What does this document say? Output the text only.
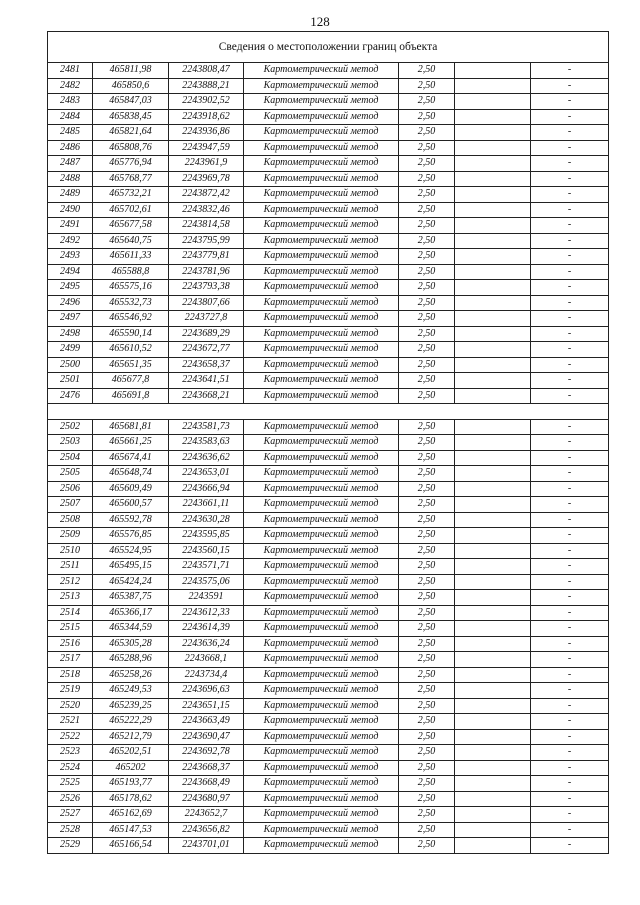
128
Сведения о местоположении границ объекта						
2481	465811,98	2243808,47	Картометрический метод	2,50		-
2482	465850,6	2243888,21	Картометрический метод	2,50		-
2483	465847,03	2243902,52	Картометрический метод	2,50		-
2484	465838,45	2243918,62	Картометрический метод	2,50		-
2485	465821,64	2243936,86	Картометрический метод	2,50		-
2486	465808,76	2243947,59	Картометрический метод	2,50		-
2487	465776,94	2243961,9	Картометрический метод	2,50		-
2488	465768,77	2243969,78	Картометрический метод	2,50		-
2489	465732,21	2243872,42	Картометрический метод	2,50		-
2490	465702,61	2243832,46	Картометрический метод	2,50		-
2491	465677,58	2243814,58	Картометрический метод	2,50		-
2492	465640,75	2243795,99	Картометрический метод	2,50		-
2493	465611,33	2243779,81	Картометрический метод	2,50		-
2494	465588,8	2243781,96	Картометрический метод	2,50		-
2495	465575,16	2243793,38	Картометрический метод	2,50		-
2496	465532,73	2243807,66	Картометрический метод	2,50		-
2497	465546,92	2243727,8	Картометрический метод	2,50		-
2498	465590,14	2243689,29	Картометрический метод	2,50		-
2499	465610,52	2243672,77	Картометрический метод	2,50		-
2500	465651,35	2243658,37	Картометрический метод	2,50		-
2501	465677,8	2243641,51	Картометрический метод	2,50		-
2476	465691,8	2243668,21	Картометрический метод	2,50		-

2502	465681,81	2243581,73	Картометрический метод	2,50		-
2503	465661,25	2243583,63	Картометрический метод	2,50		-
2504	465674,41	2243636,62	Картометрический метод	2,50		-
2505	465648,74	2243653,01	Картометрический метод	2,50		-
2506	465609,49	2243666,94	Картометрический метод	2,50		-
2507	465600,57	2243661,11	Картометрический метод	2,50		-
2508	465592,78	2243630,28	Картометрический метод	2,50		-
2509	465576,85	2243595,85	Картометрический метод	2,50		-
2510	465524,95	2243560,15	Картометрический метод	2,50		-
2511	465495,15	2243571,71	Картометрический метод	2,50		-
2512	465424,24	2243575,06	Картометрический метод	2,50		-
2513	465387,75	2243591	Картометрический метод	2,50		-
2514	465366,17	2243612,33	Картометрический метод	2,50		-
2515	465344,59	2243614,39	Картометрический метод	2,50		-
2516	465305,28	2243636,24	Картометрический метод	2,50		-
2517	465288,96	2243668,1	Картометрический метод	2,50		-
2518	465258,26	2243734,4	Картометрический метод	2,50		-
2519	465249,53	2243696,63	Картометрический метод	2,50		-
2520	465239,25	2243651,15	Картометрический метод	2,50		-
2521	465222,29	2243663,49	Картометрический метод	2,50		-
2522	465212,79	2243690,47	Картометрический метод	2,50		-
2523	465202,51	2243692,78	Картометрический метод	2,50		-
2524	465202	2243668,37	Картометрический метод	2,50		-
2525	465193,77	2243668,49	Картометрический метод	2,50		-
2526	465178,62	2243680,97	Картометрический метод	2,50		-
2527	465162,69	2243652,7	Картометрический метод	2,50		-
2528	465147,53	2243656,82	Картометрический метод	2,50		-
2529	465166,54	2243701,01	Картометрический метод	2,50		-
